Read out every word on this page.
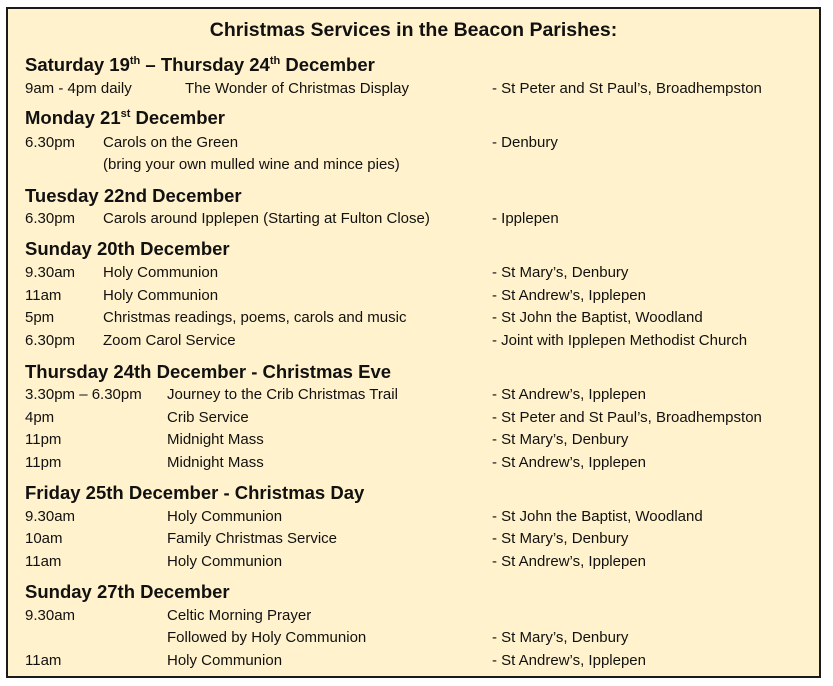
Christmas Services in the Beacon Parishes:
Saturday 19th – Thursday 24th December
9am - 4pm daily	The Wonder of Christmas Display	- St Peter and St Paul’s, Broadhempston
Monday 21st December
6.30pm Carols on the Green	- Denbury
(bring your own mulled wine and mince pies)
Tuesday 22nd December
6.30pm Carols around Ipplepen (Starting at Fulton Close)	- Ipplepen
Sunday 20th December
9.30am Holy Communion	- St Mary’s, Denbury
11am	Holy Communion	- St Andrew’s, Ipplepen
5pm	Christmas readings, poems, carols and music	- St John the Baptist, Woodland
6.30pm Zoom Carol Service	- Joint with Ipplepen Methodist Church
Thursday 24th December - Christmas Eve
3.30pm – 6.30pm Journey to the Crib Christmas Trail	- St Andrew’s, Ipplepen
4pm	Crib Service	- St Peter and St Paul’s, Broadhempston
11pm	Midnight Mass	- St Mary’s, Denbury
11pm	Midnight Mass	- St Andrew’s, Ipplepen
Friday 25th December - Christmas Day
9.30am	Holy Communion	- St John the Baptist, Woodland
10am	Family Christmas Service	- St Mary’s, Denbury
11am	Holy Communion	- St Andrew’s, Ipplepen
Sunday 27th December
9.30am	Celtic Morning Prayer
Followed by Holy Communion	- St Mary’s, Denbury
11am	Holy Communion	- St Andrew’s, Ipplepen
